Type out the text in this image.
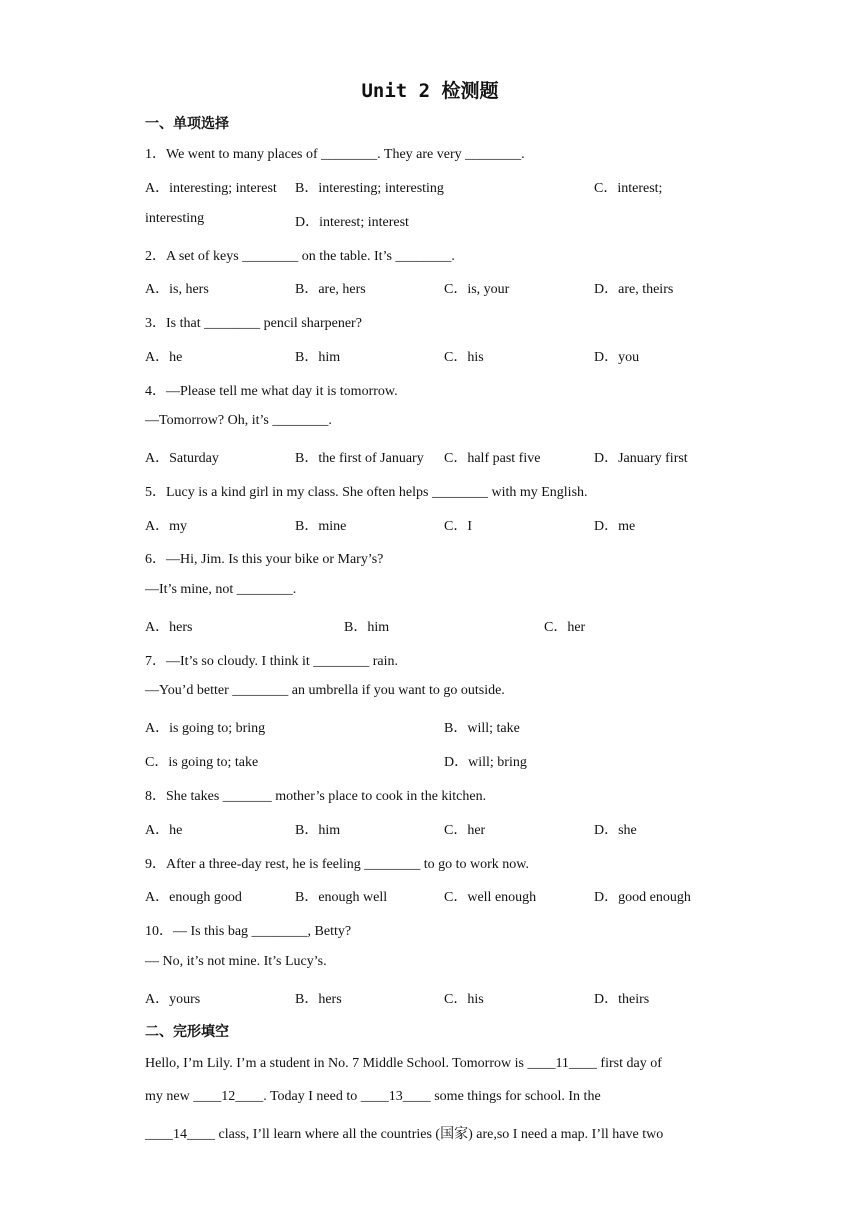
Unit 2 检测题
一、单项选择
1．We went to many places of ________. They are very ________.
A．interesting; interest B．interesting; interesting	C．interest;
interesting	D．interest; interest
2．A set of keys ________ on the table. It’s ________.
A．is, hers	B．are, hers	C．is, your	D．are, theirs
3．Is that ________ pencil sharpener?
A．he	B．him	C．his	D．you
4．—Please tell me what day it is tomorrow.
—Tomorrow? Oh, it’s ________.
A．Saturday	B．the first of January C．half past five	D．January first
5．Lucy is a kind girl in my class. She often helps ________ with my English.
A．my	B．mine	C．I	D．me
6．—Hi, Jim. Is this your bike or Mary’s?
—It’s mine, not ________.
A．hers	B．him	C．her
7．—It’s so cloudy. I think it ________ rain.
—You’d better ________ an umbrella if you want to go outside.
A．is going to; bring	B．will; take
C．is going to; take	D．will; bring
8．She takes _______ mother’s place to cook in the kitchen.
A．he	B．him	C．her	D．she
9．After a three-day rest, he is feeling ________ to go to work now.
A．enough good	B．enough well	C．well enough	D．good enough
10．— Is this bag ________, Betty?
— No, it’s not mine. It’s Lucy’s.
A．yours	B．hers	C．his	D．theirs
二、完形填空
Hello, I’m Lily. I’m a student in No. 7 Middle School. Tomorrow is ____11____ first day of
my new ____12____. Today I need to ____13____ some things for school. In the
____14____ class, I’ll learn where all the countries (国家) are,so I need a map. I’ll have two
